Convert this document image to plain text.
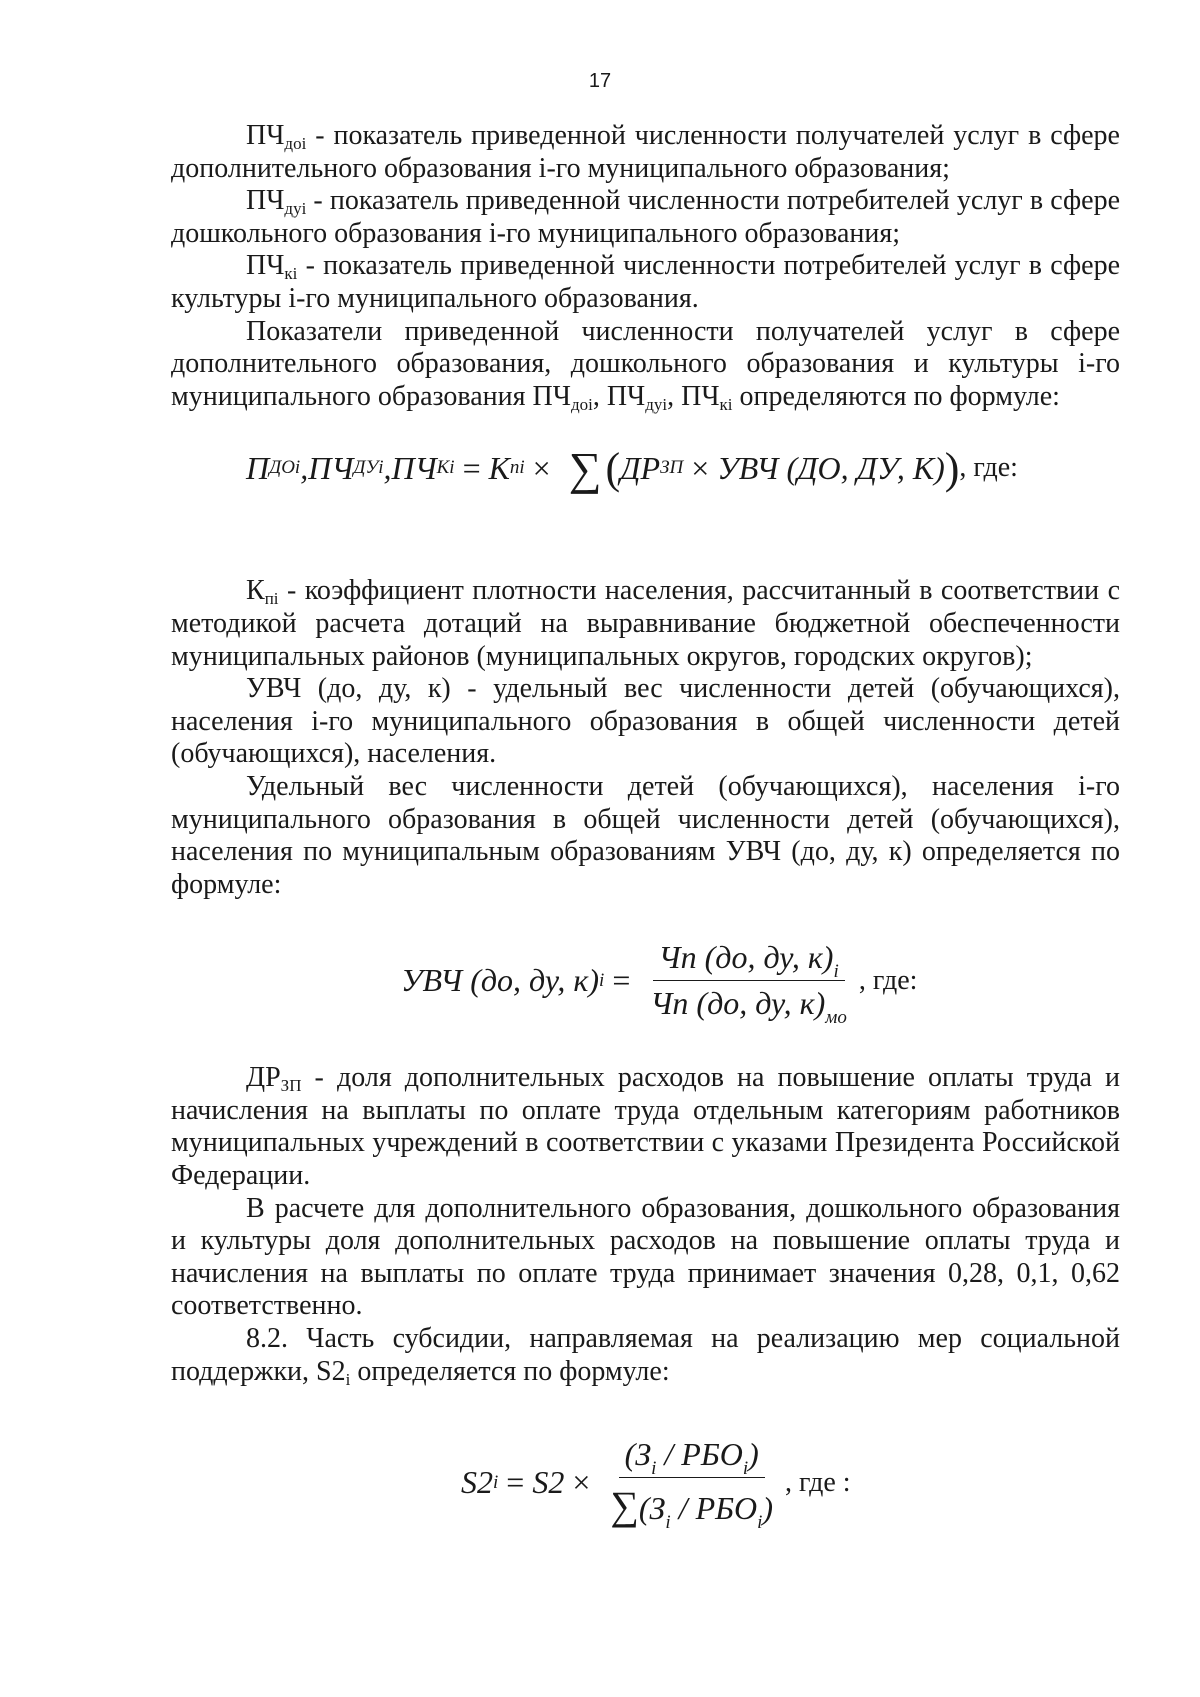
17

$ПЧ_{доi}$ - показатель приведенной численности получателей услуг в сфере дополнительного образования i-го муниципального образования;

$ПЧ_{дуi}$ - показатель приведенной численности потребителей услуг в сфере дошкольного образования i-го муниципального образования;

$ПЧ_{кi}$ - показатель приведенной численности потребителей услуг в сфере культуры i-го муниципального образования.

Показатели приведенной численности получателей услуг в сфере дополнительного образования, дошкольного образования и культуры i-го муниципального образования $ПЧ_{доi}$, $ПЧ_{дуi}$, $ПЧ_{кi}$ определяются по формуле:

П ДОi , ПЧ ДУi , ПЧ Кi = К пi × ∑ ( ДР ЗП × УВЧ (ДО, ДУ, К) ) , где:

$К_{пi}$ - коэффициент плотности населения, рассчитанный в соответствии с методикой расчета дотаций на выравнивание бюджетной обеспеченности муниципальных районов (муниципальных округов, городских округов);

УВЧ (до, ду, к) - удельный вес численности детей (обучающихся), населения i-го муниципального образования в общей численности детей (обучающихся), населения.

Удельный вес численности детей (обучающихся), населения i-го муниципального образования в общей численности детей (обучающихся), населения по муниципальным образованиям УВЧ (до, ду, к) определяется по формуле:

УВЧ (до, ду, к) $i = \frac{Чп (до, ду, к)_i}{Чп (до, ду, к)_{мо}}$ , где:

$ДР_{ЗП}$ - доля дополнительных расходов на повышение оплаты труда и начисления на выплаты по оплате труда отдельным категориям работников муниципальных учреждений в соответствии с указами Президента Российской Федерации.

В расчете для дополнительного образования, дошкольного образования и культуры доля дополнительных расходов на повышение оплаты труда и начисления на выплаты по оплате труда принимает значения 0,28, 0,1, 0,62 соответственно.

8.2. Часть субсидии, направляемая на реализацию мер социальной поддержки, $S2_i$ определяется по формуле:

S2 $i = S2 \times \frac{(З_i / РБО_i)}{\sum(З_i / РБО_i)}$ , где :
